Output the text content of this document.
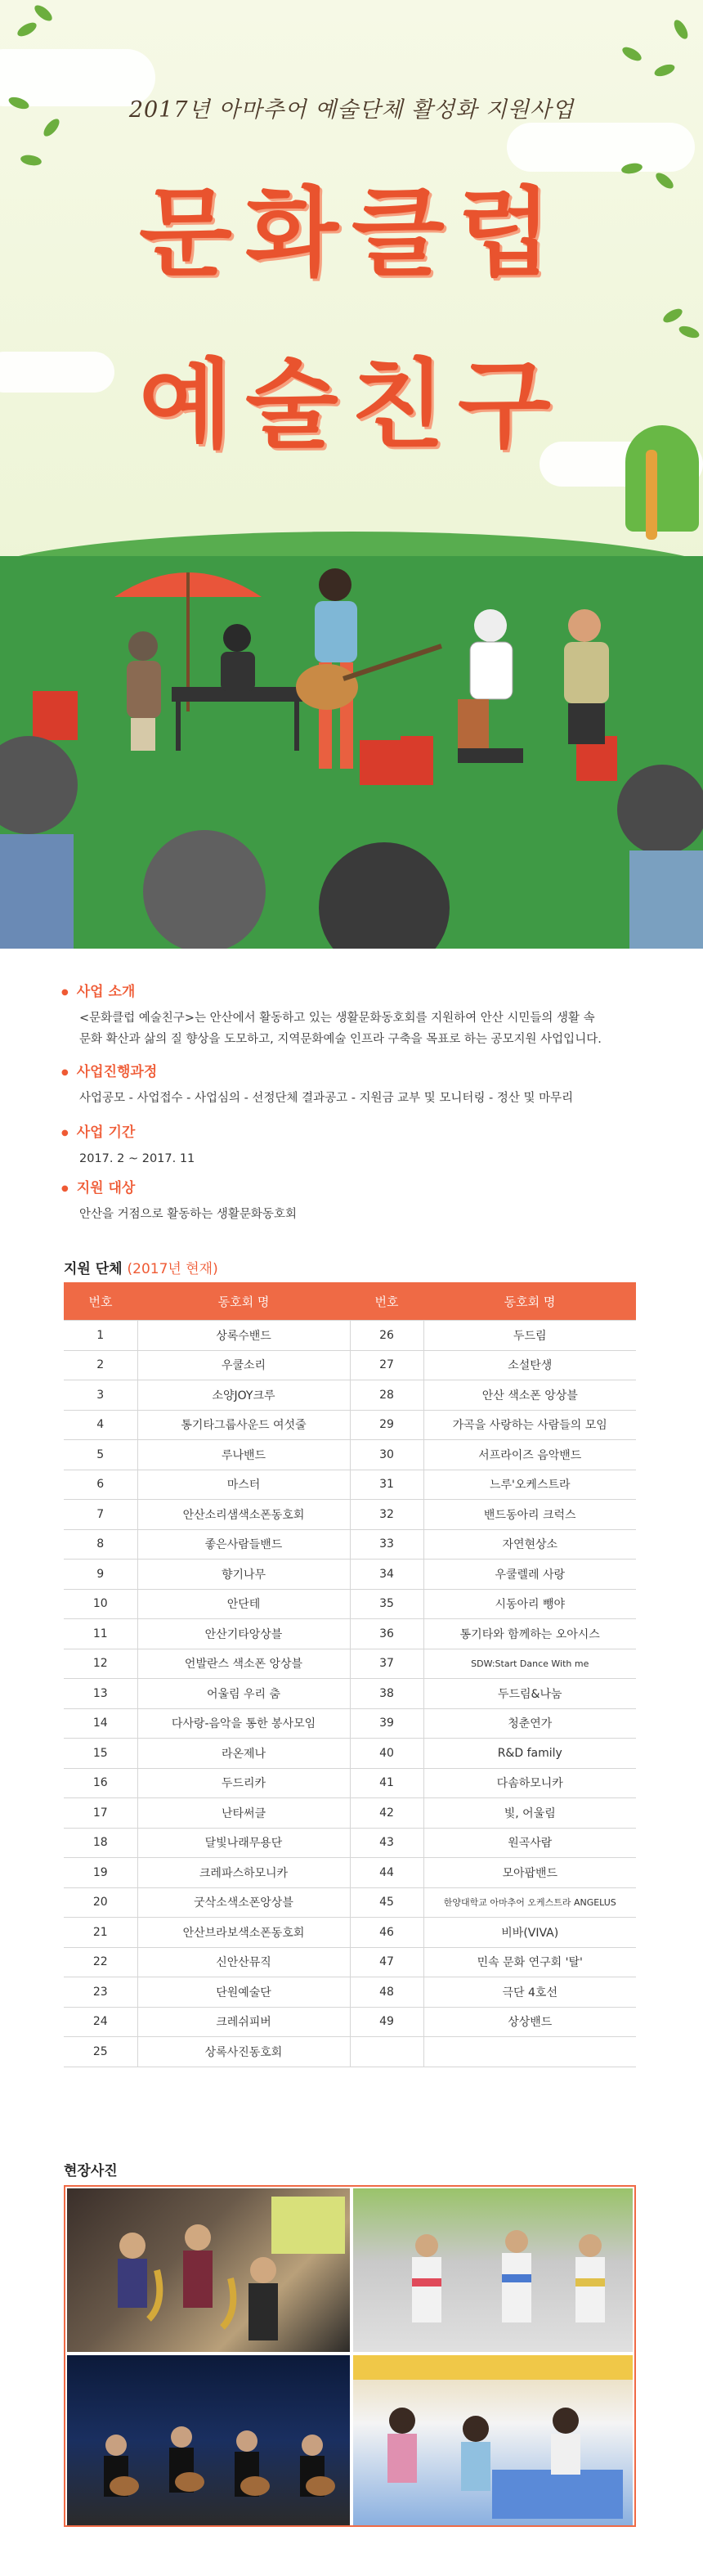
2017년 아마추어 예술단체 활성화 지원사업
문화클럽
예술친구
● 사업 소개
<문화클럽 예술친구>는 안산에서 활동하고 있는 생활문화동호회를 지원하여 안산 시민들의 생활 속
문화 확산과 삶의 질 향상을 도모하고, 지역문화예술 인프라 구축을 목표로 하는 공모지원 사업입니다.
● 사업진행과정
사업공모 - 사업접수 - 사업심의 - 선정단체 결과공고 - 지원금 교부 및 모니터링 - 정산 및 마무리
● 사업 기간
2017. 2 ~ 2017. 11
● 지원 대상
안산을 거점으로 활동하는 생활문화동호회
지원 단체 (2017년 현재)
번호	동호회 명	번호	동호회 명
1	상록수밴드	26	두드림
2	우쿨소리	27	소설탄생
3	소양JOY크루	28	안산 색소폰 앙상블
4	통기타그룹사운드 여섯줄	29	가곡을 사랑하는 사람들의 모임
5	루나밴드	30	서프라이즈 음악밴드
6	마스터	31	느루'오케스트라
7	안산소리샘색소폰동호회	32	밴드동아리 크럭스
8	좋은사람들밴드	33	자연현상소
9	향기나무	34	우쿨렐레 사랑
10	안단테	35	시동아리 뺑야
11	안산기타앙상블	36	통기타와 함께하는 오아시스
12	언발란스 색소폰 앙상블	37	SDW:Start Dance With me
13	어울림 우리 춤	38	두드림&나눔
14	다사랑-음악을 통한 봉사모임	39	청춘연가
15	라온제나	40	R&D family
16	두드리카	41	다솜하모니카
17	난타써클	42	빛, 어울림
18	달빛나래무용단	43	원곡사람
19	크레파스하모니카	44	모아팝밴드
20	굿삭소색소폰앙상블	45	한양대학교 아마추어 오케스트라 ANGELUS
21	안산브라보색소폰동호회	46	비바(VIVA)
22	신안산뮤직	47	민속 문화 연구회 '탈'
23	단원예술단	48	극단 4호선
24	크레쉬피버	49	상상밴드
25	상록사진동호회		
현장사진
